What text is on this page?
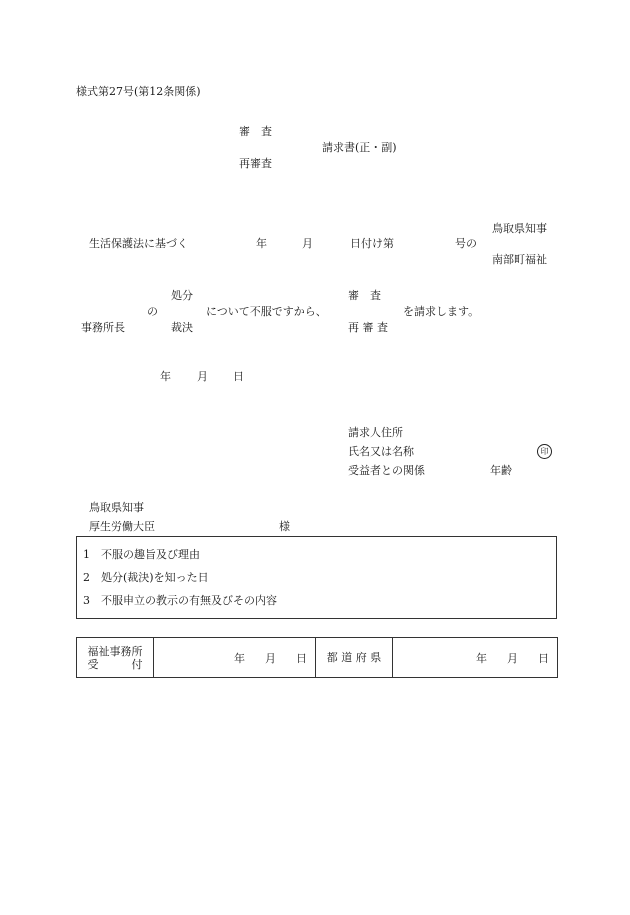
様式第27号(第12条関係)
審　査
再審査
請求書(正・副)
生活保護法に基づく	年	月	日付け第	号の
鳥取県知事
南部町福祉
事務所長
の
処分
裁決
について不服ですから、
審　査
再 審 査
を請求します。
年 月 日
請求人住所
氏名又は名称	印
受益者との関係	年齢
鳥取県知事
厚生労働大臣	様
1 不服の趣旨及び理由
2 処分(裁決)を知った日
3 不服申立の教示の有無及びその内容
福祉事務所
受　　　付	年 月 日	都 道 府 県	年 月 日
